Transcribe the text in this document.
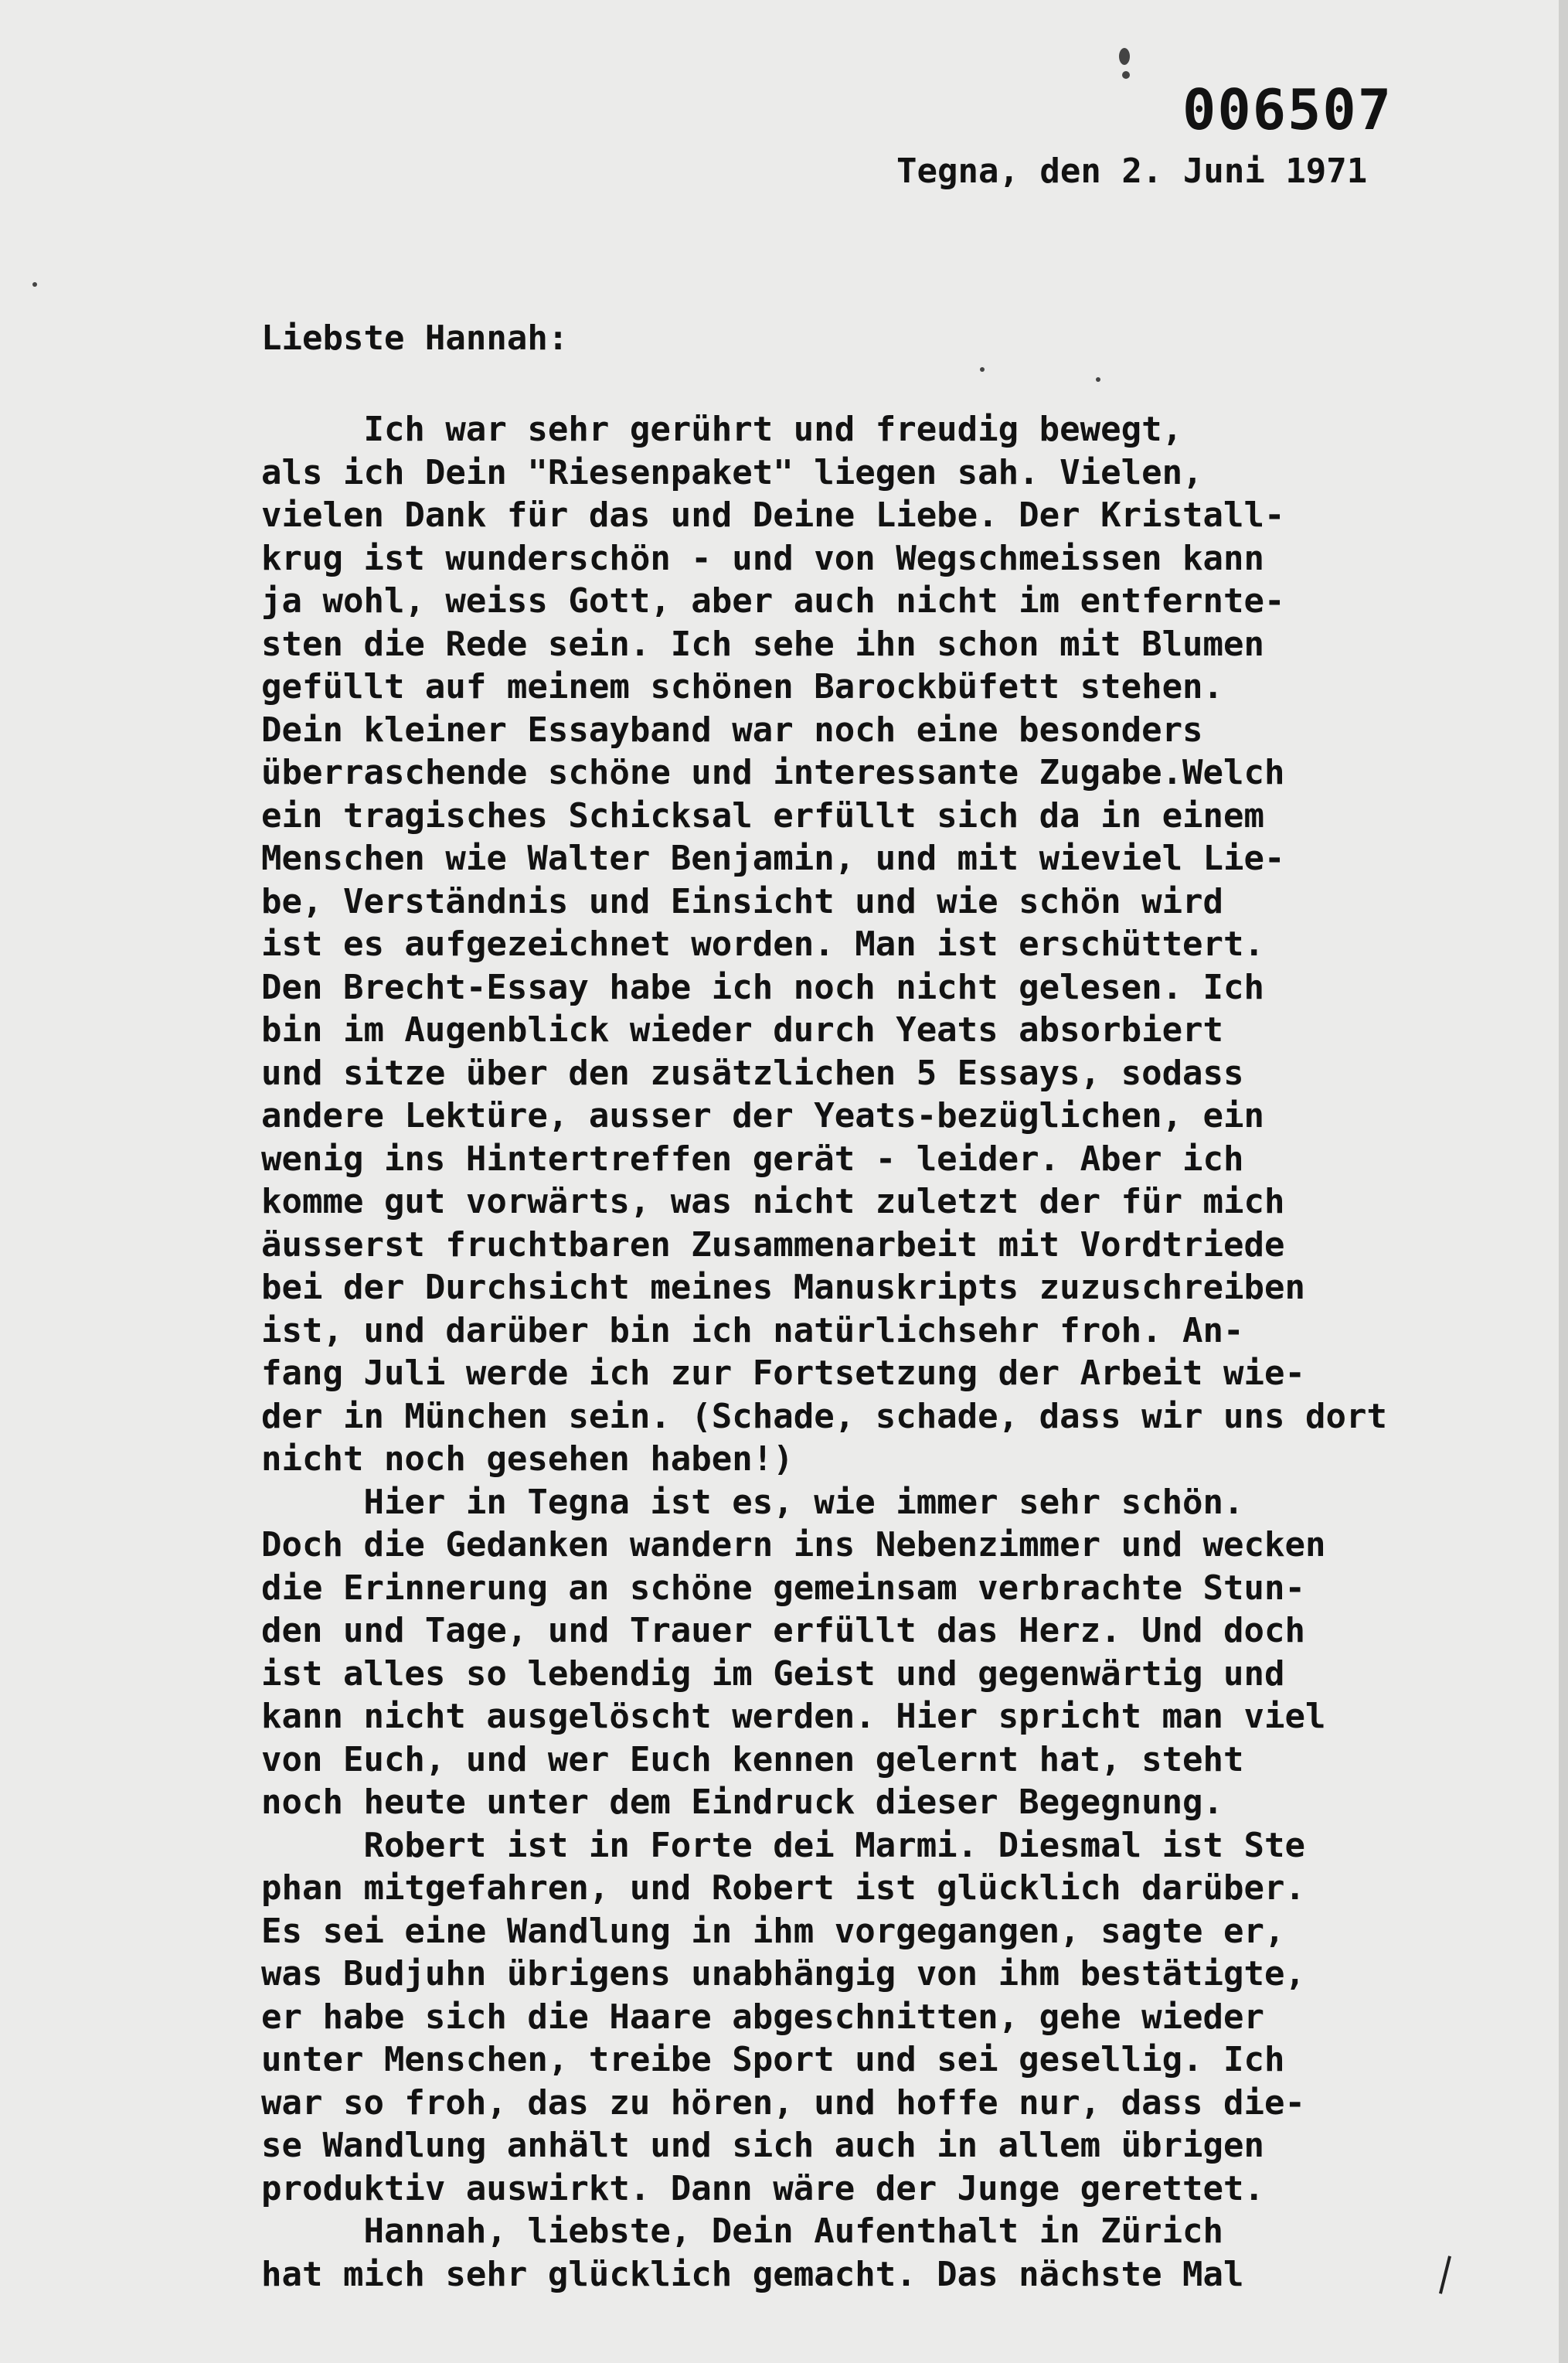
006507
Tegna, den 2. Juni 1971
Liebste Hannah:
Ich war sehr gerührt und freudig bewegt,
als ich Dein "Riesenpaket" liegen sah. Vielen,
vielen Dank für das und Deine Liebe. Der Kristall-
krug ist wunderschön - und von Wegschmeissen kann
ja wohl, weiss Gott, aber auch nicht im entfernte-
sten die Rede sein. Ich sehe ihn schon mit Blumen
gefüllt auf meinem schönen Barockbüfett stehen.
Dein kleiner Essayband war noch eine besonders
überraschende schöne und interessante Zugabe.Welch
ein tragisches Schicksal erfüllt sich da in einem
Menschen wie Walter Benjamin, und mit wieviel Lie-
be, Verständnis und Einsicht und wie schön wird
ist es aufgezeichnet worden. Man ist erschüttert.
Den Brecht-Essay habe ich noch nicht gelesen. Ich
bin im Augenblick wieder durch Yeats absorbiert
und sitze über den zusätzlichen 5 Essays, sodass
andere Lektüre, ausser der Yeats-bezüglichen, ein
wenig ins Hintertreffen gerät - leider. Aber ich
komme gut vorwärts, was nicht zuletzt der für mich
äusserst fruchtbaren Zusammenarbeit mit Vordtriede
bei der Durchsicht meines Manuskripts zuzuschreiben
ist, und darüber bin ich natürlichsehr froh. An-
fang Juli werde ich zur Fortsetzung der Arbeit wie-
der in München sein. (Schade, schade, dass wir uns dort
nicht noch gesehen haben!)
Hier in Tegna ist es, wie immer sehr schön.
Doch die Gedanken wandern ins Nebenzimmer und wecken
die Erinnerung an schöne gemeinsam verbrachte Stun-
den und Tage, und Trauer erfüllt das Herz. Und doch
ist alles so lebendig im Geist und gegenwärtig und
kann nicht ausgelöscht werden. Hier spricht man viel
von Euch, und wer Euch kennen gelernt hat, steht
noch heute unter dem Eindruck dieser Begegnung.
Robert ist in Forte dei Marmi. Diesmal ist Ste
phan mitgefahren, und Robert ist glücklich darüber.
Es sei eine Wandlung in ihm vorgegangen, sagte er,
was Budjuhn übrigens unabhängig von ihm bestätigte,
er habe sich die Haare abgeschnitten, gehe wieder
unter Menschen, treibe Sport und sei gesellig. Ich
war so froh, das zu hören, und hoffe nur, dass die-
se Wandlung anhält und sich auch in allem übrigen
produktiv auswirkt. Dann wäre der Junge gerettet.
Hannah, liebste, Dein Aufenthalt in Zürich
hat mich sehr glücklich gemacht. Das nächste Mal
